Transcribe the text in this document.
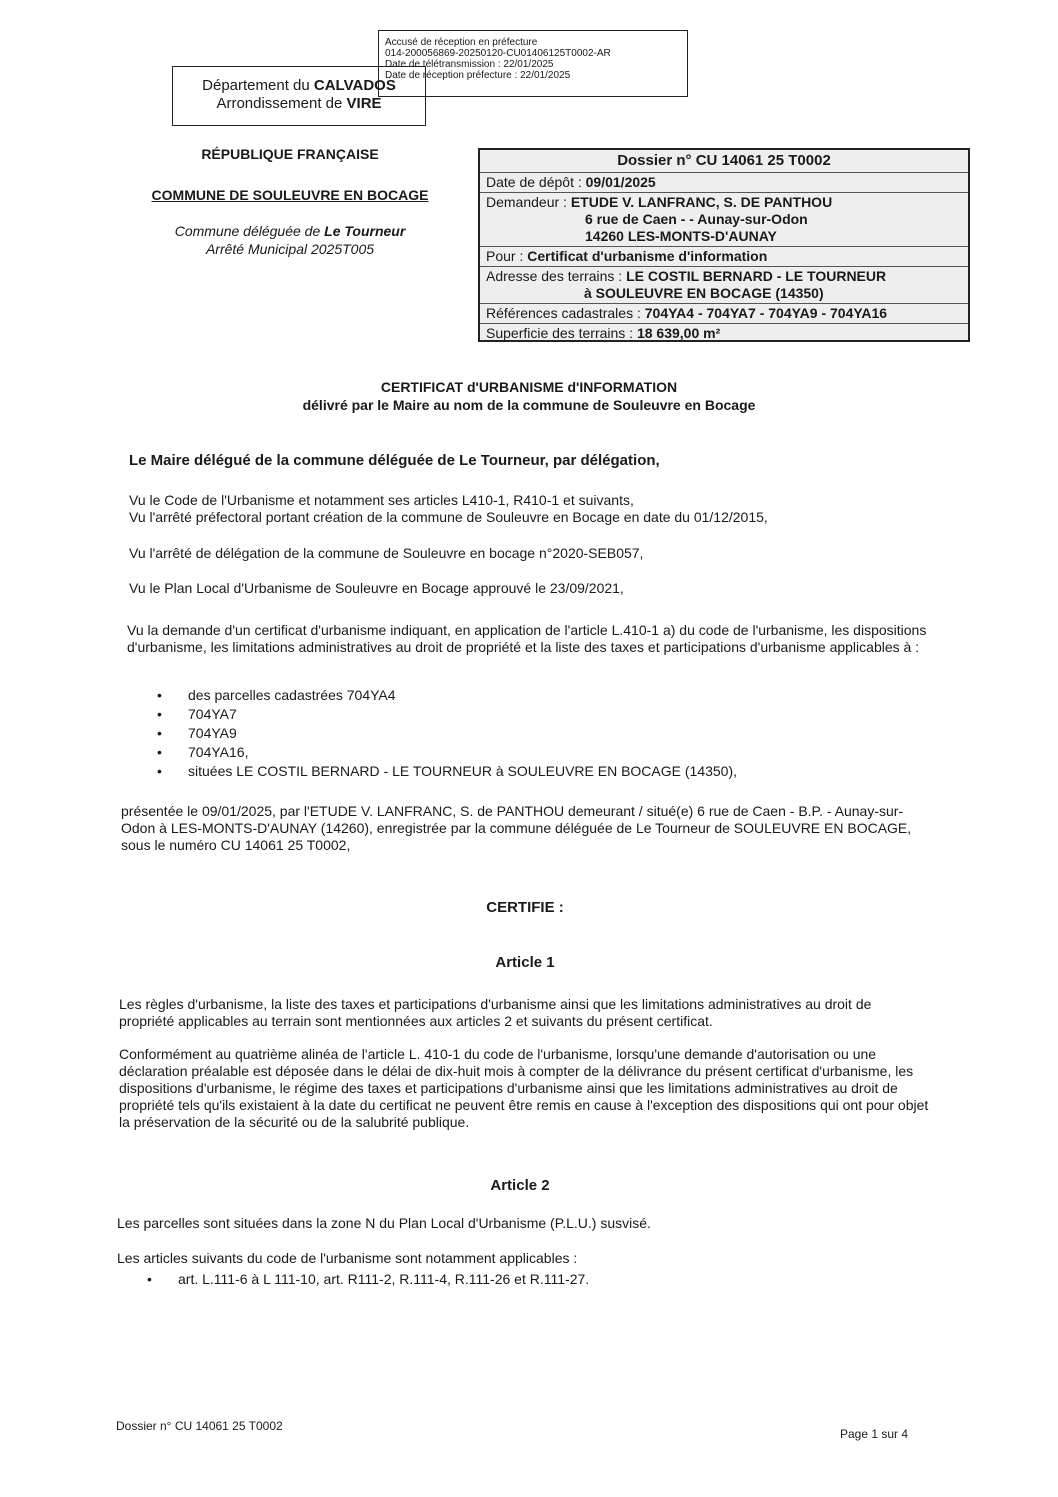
Accusé de réception en préfecture
014-200056869-20250120-CU01406125T0002-AR
Date de télétransmission : 22/01/2025
Date de réception préfecture : 22/01/2025
Département du CALVADOS
Arrondissement de VIRE
RÉPUBLIQUE FRANÇAISE
COMMUNE DE SOULEUVRE EN BOCAGE
Commune déléguée de Le Tourneur
Arrêté Municipal 2025T005
Dossier n° CU 14061 25 T0002
Date de dépôt : 09/01/2025
Demandeur : ETUDE V. LANFRANC, S. DE PANTHOU
6 rue de Caen - - Aunay-sur-Odon
14260 LES-MONTS-D'AUNAY
Pour : Certificat d'urbanisme d'information
Adresse des terrains : LE COSTIL BERNARD - LE TOURNEUR
à SOULEUVRE EN BOCAGE (14350)
Références cadastrales : 704YA4 - 704YA7 - 704YA9 - 704YA16
Superficie des terrains : 18 639,00 m²
CERTIFICAT d'URBANISME d'INFORMATION
délivré par le Maire au nom de la commune de Souleuvre en Bocage
Le Maire délégué de la commune déléguée de Le Tourneur, par délégation,
Vu le Code de l'Urbanisme et notamment ses articles L410-1, R410-1 et suivants,
Vu l'arrêté préfectoral portant création de la commune de Souleuvre en Bocage en date du 01/12/2015,
Vu l'arrêté de délégation de la commune de Souleuvre en bocage n°2020-SEB057,
Vu le Plan Local d'Urbanisme de Souleuvre en Bocage approuvé le 23/09/2021,
Vu la demande d'un certificat d'urbanisme indiquant, en application de l'article L.410-1 a) du code de l'urbanisme, les dispositions d'urbanisme, les limitations administratives au droit de propriété et la liste des taxes et participations d'urbanisme applicables à :
• des parcelles cadastrées 704YA4
• 704YA7
• 704YA9
• 704YA16,
• situées LE COSTIL BERNARD - LE TOURNEUR à SOULEUVRE EN BOCAGE (14350),
présentée le 09/01/2025, par l'ETUDE V. LANFRANC, S. de PANTHOU demeurant / situé(e) 6 rue de Caen - B.P. - Aunay-sur-Odon à LES-MONTS-D'AUNAY (14260), enregistrée par la commune déléguée de Le Tourneur de SOULEUVRE EN BOCAGE, sous le numéro CU 14061 25 T0002,
CERTIFIE :
Article 1
Les règles d'urbanisme, la liste des taxes et participations d'urbanisme ainsi que les limitations administratives au droit de propriété applicables au terrain sont mentionnées aux articles 2 et suivants du présent certificat.
Conformément au quatrième alinéa de l'article L. 410-1 du code de l'urbanisme, lorsqu'une demande d'autorisation ou une déclaration préalable est déposée dans le délai de dix-huit mois à compter de la délivrance du présent certificat d'urbanisme, les dispositions d'urbanisme, le régime des taxes et participations d'urbanisme ainsi que les limitations administratives au droit de propriété tels qu'ils existaient à la date du certificat ne peuvent être remis en cause à l'exception des dispositions qui ont pour objet la préservation de la sécurité ou de la salubrité publique.
Article 2
Les parcelles sont situées dans la zone N du Plan Local d'Urbanisme (P.L.U.) susvisé.
Les articles suivants du code de l'urbanisme sont notamment applicables :
• art. L.111-6 à L 111-10, art. R111-2, R.111-4, R.111-26 et R.111-27.
Dossier n° CU 14061 25 T0002
Page 1 sur 4
